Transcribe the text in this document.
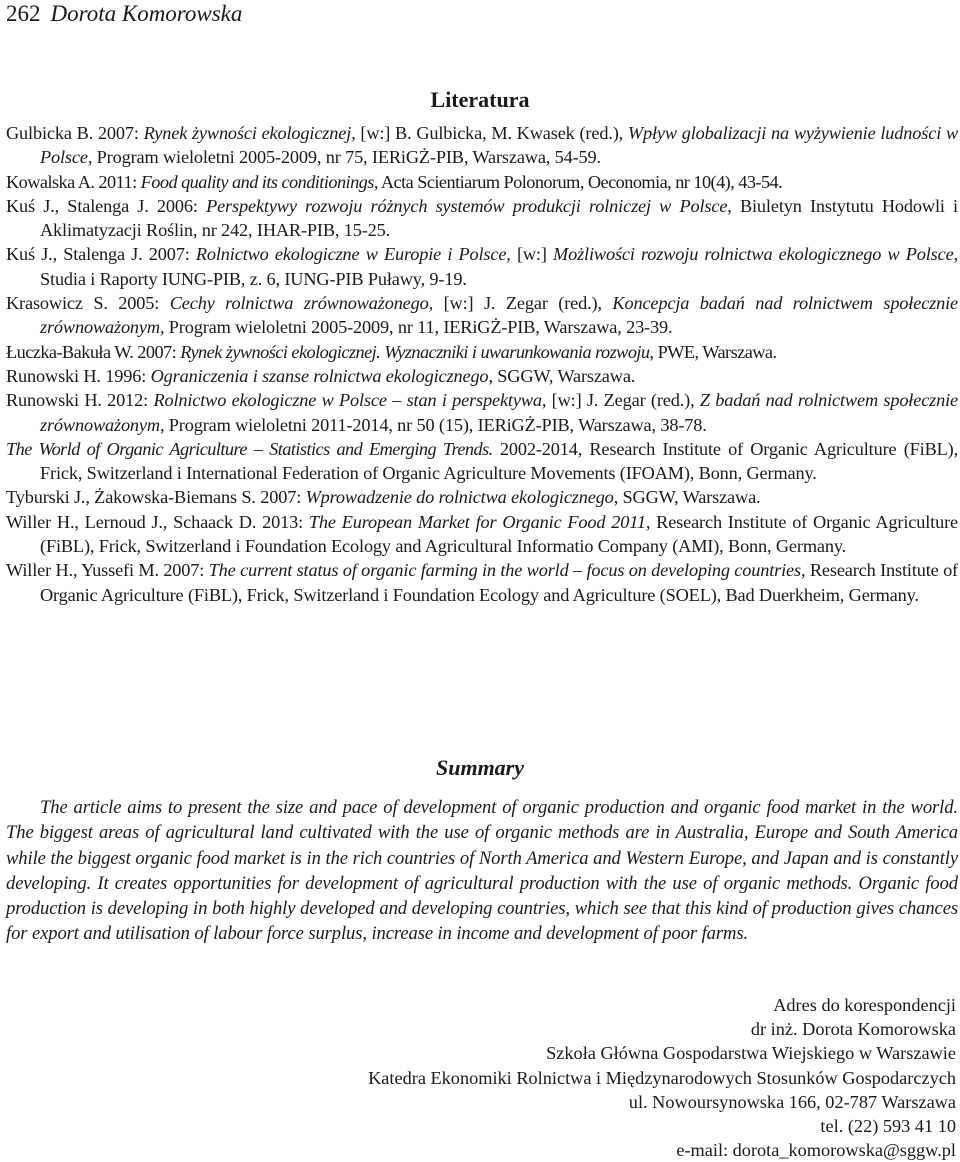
262 Dorota Komorowska
Literatura

Gulbicka B. 2007: Rynek żywności ekologicznej, [w:] B. Gulbicka, M. Kwasek (red.), Wpływ globalizacji na wyżywienie ludności w Polsce, Program wieloletni 2005-2009, nr 75, IERiGŻ-PIB, Warszawa, 54-59.

Kowalska A. 2011: Food quality and its conditionings, Acta Scientiarum Polonorum, Oeconomia, nr 10(4), 43-54.

Kuś J., Stalenga J. 2006: Perspektywy rozwoju różnych systemów produkcji rolniczej w Polsce, Biuletyn Instytutu Hodowli i Aklimatyzacji Roślin, nr 242, IHAR-PIB, 15-25.

Kuś J., Stalenga J. 2007: Rolnictwo ekologiczne w Europie i Polsce, [w:] Możliwości rozwoju rolnictwa ekologicznego w Polsce, Studia i Raporty IUNG-PIB, z. 6, IUNG-PIB Puławy, 9-19.

Krasowicz S. 2005: Cechy rolnictwa zrównoważonego, [w:] J. Zegar (red.), Koncepcja badań nad rolnictwem społecznie zrównoważonym, Program wieloletni 2005-2009, nr 11, IERiGŻ-PIB, Warszawa, 23-39.

Łuczka-Bakuła W. 2007: Rynek żywności ekologicznej. Wyznaczniki i uwarunkowania rozwoju, PWE, Warszawa.

Runowski H. 1996: Ograniczenia i szanse rolnictwa ekologicznego, SGGW, Warszawa.

Runowski H. 2012: Rolnictwo ekologiczne w Polsce – stan i perspektywa, [w:] J. Zegar (red.), Z badań nad rolnictwem społecznie zrównoważonym, Program wieloletni 2011-2014, nr 50 (15), IERiGŻ-PIB, Warszawa, 38-78.

The World of Organic Agriculture – Statistics and Emerging Trends. 2002-2014, Research Institute of Organic Agriculture (FiBL), Frick, Switzerland i International Federation of Organic Agriculture Movements (IFOAM), Bonn, Germany.

Tyburski J., Żakowska-Biemans S. 2007: Wprowadzenie do rolnictwa ekologicznego, SGGW, Warszawa.

Willer H., Lernoud J., Schaack D. 2013: The European Market for Organic Food 2011, Research Institute of Organic Agriculture (FiBL), Frick, Switzerland i Foundation Ecology and Agricultural Informatio Company (AMI), Bonn, Germany.

Willer H., Yussefi M. 2007: The current status of organic farming in the world – focus on developing countries, Research Institute of Organic Agriculture (FiBL), Frick, Switzerland i Foundation Ecology and Agriculture (SOEL), Bad Duerkheim, Germany.

Summary

The article aims to present the size and pace of development of organic production and organic food market in the world. The biggest areas of agricultural land cultivated with the use of organic methods are in Australia, Europe and South America while the biggest organic food market is in the rich countries of North America and Western Europe, and Japan and is constantly developing. It creates opportunities for development of agricultural production with the use of organic methods. Organic food production is developing in both highly developed and developing countries, which see that this kind of production gives chances for export and utilisation of labour force surplus, increase in income and development of poor farms.

Adres do korespondencji
dr inż. Dorota Komorowska
Szkoła Główna Gospodarstwa Wiejskiego w Warszawie
Katedra Ekonomiki Rolnictwa i Międzynarodowych Stosunków Gospodarczych
ul. Nowoursynowska 166, 02-787 Warszawa
tel. (22) 593 41 10
e-mail: dorota_komorowska@sggw.pl
